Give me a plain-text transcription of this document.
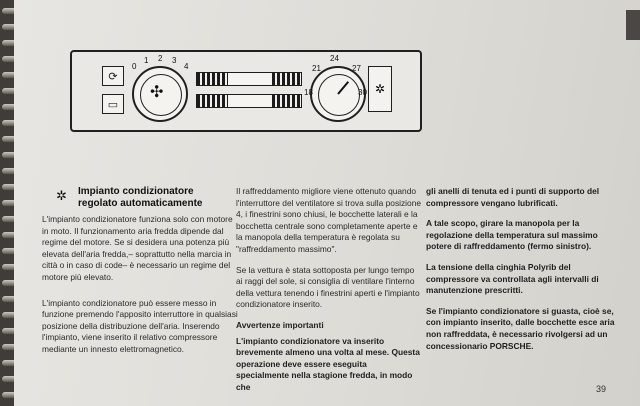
⟳
▭
0
1 2 3
4
✣	18
21
24
27
30 ✲
✲ Impianto condizionatore
regolato automaticamente

L'impianto condizionatore funziona solo con motore in moto. Il funzionamento aria fredda dipende dal regime del motore. Se si desidera una potenza più elevata dell'aria fredda,– soprattutto nella marcia in città o in caso di code– è necessario un regime del motore più elevato.

L'impianto condizionatore può essere messo in funzione premendo l'apposito interruttore in qualsiasi posizione della distribuzione dell'aria. Inserendo l'impianto, viene inserito il relativo compressore mediante un innesto elettromagnetico.

Il raffreddamento migliore viene ottenuto quando l'interruttore del ventilatore si trova sulla posizione 4, i finestrini sono chiusi, le bocchette laterali e la bocchetta centrale sono completamente aperte e la manopola della temperatura è regolata su "raffreddamento massimo".

Se la vettura è stata sottoposta per lungo tempo ai raggi del sole, si consiglia di ventilare l'interno della vettura tenendo i finestrini aperti e l'impianto condizionatore inserito.

Avvertenze importanti

L'impianto condizionatore va inserito brevemente almeno una volta al mese. Questa operazione deve essere eseguita specialmente nella stagione fredda, in modo che

gli anelli di tenuta ed i punti di supporto del compressore vengano lubrificati.

A tale scopo, girare la manopola per la regolazione della temperatura sul massimo potere di raffreddamento (fermo sinistro).

La tensione della cinghia Polyrib del compressore va controllata agli intervalli di manutenzione prescritti.

Se l'impianto condizionatore si guasta, cioè se, con impianto inserito, dalle bocchette esce aria non raffreddata, è necessario rivolgersi ad un concessionario PORSCHE.

39
